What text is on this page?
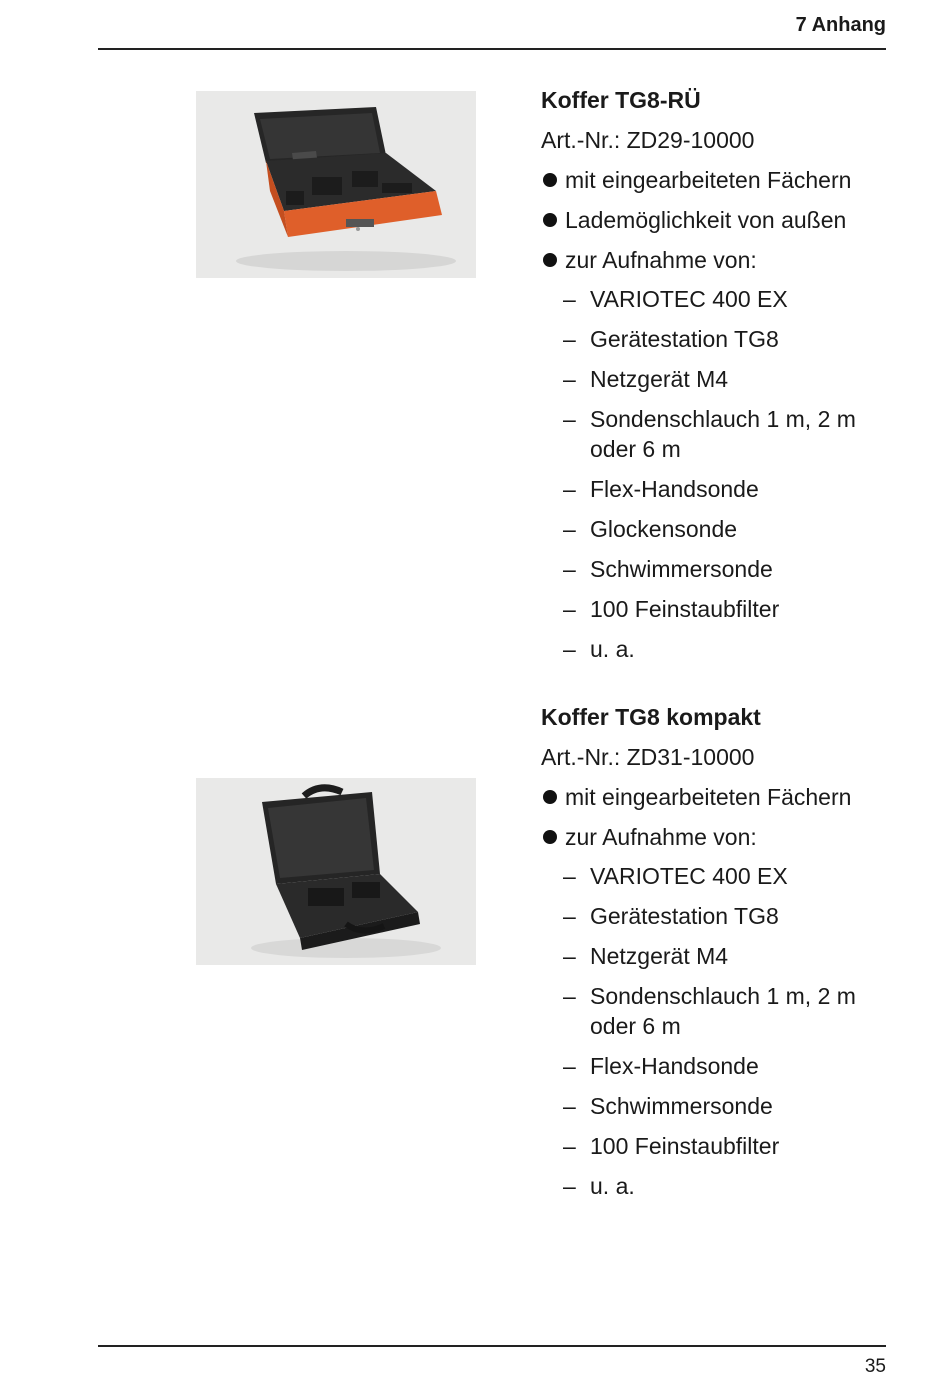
7 Anhang
Koffer TG8-RÜ
Art.-Nr.: ZD29-10000
mit eingearbeiteten Fächern
Lademöglichkeit von außen
zur Aufnahme von:
– VARIOTEC 400 EX
– Gerätestation TG8
– Netzgerät M4
– Sondenschlauch 1 m, 2 m oder 6 m
– Flex-Handsonde
– Glockensonde
– Schwimmersonde
– 100 Feinstaubfilter
– u. a.
Koffer TG8 kompakt
Art.-Nr.: ZD31-10000
mit eingearbeiteten Fächern
zur Aufnahme von:
– VARIOTEC 400 EX
– Gerätestation TG8
– Netzgerät M4
– Sondenschlauch 1 m, 2 m oder 6 m
– Flex-Handsonde
– Schwimmersonde
– 100 Feinstaubfilter
– u. a.
35
